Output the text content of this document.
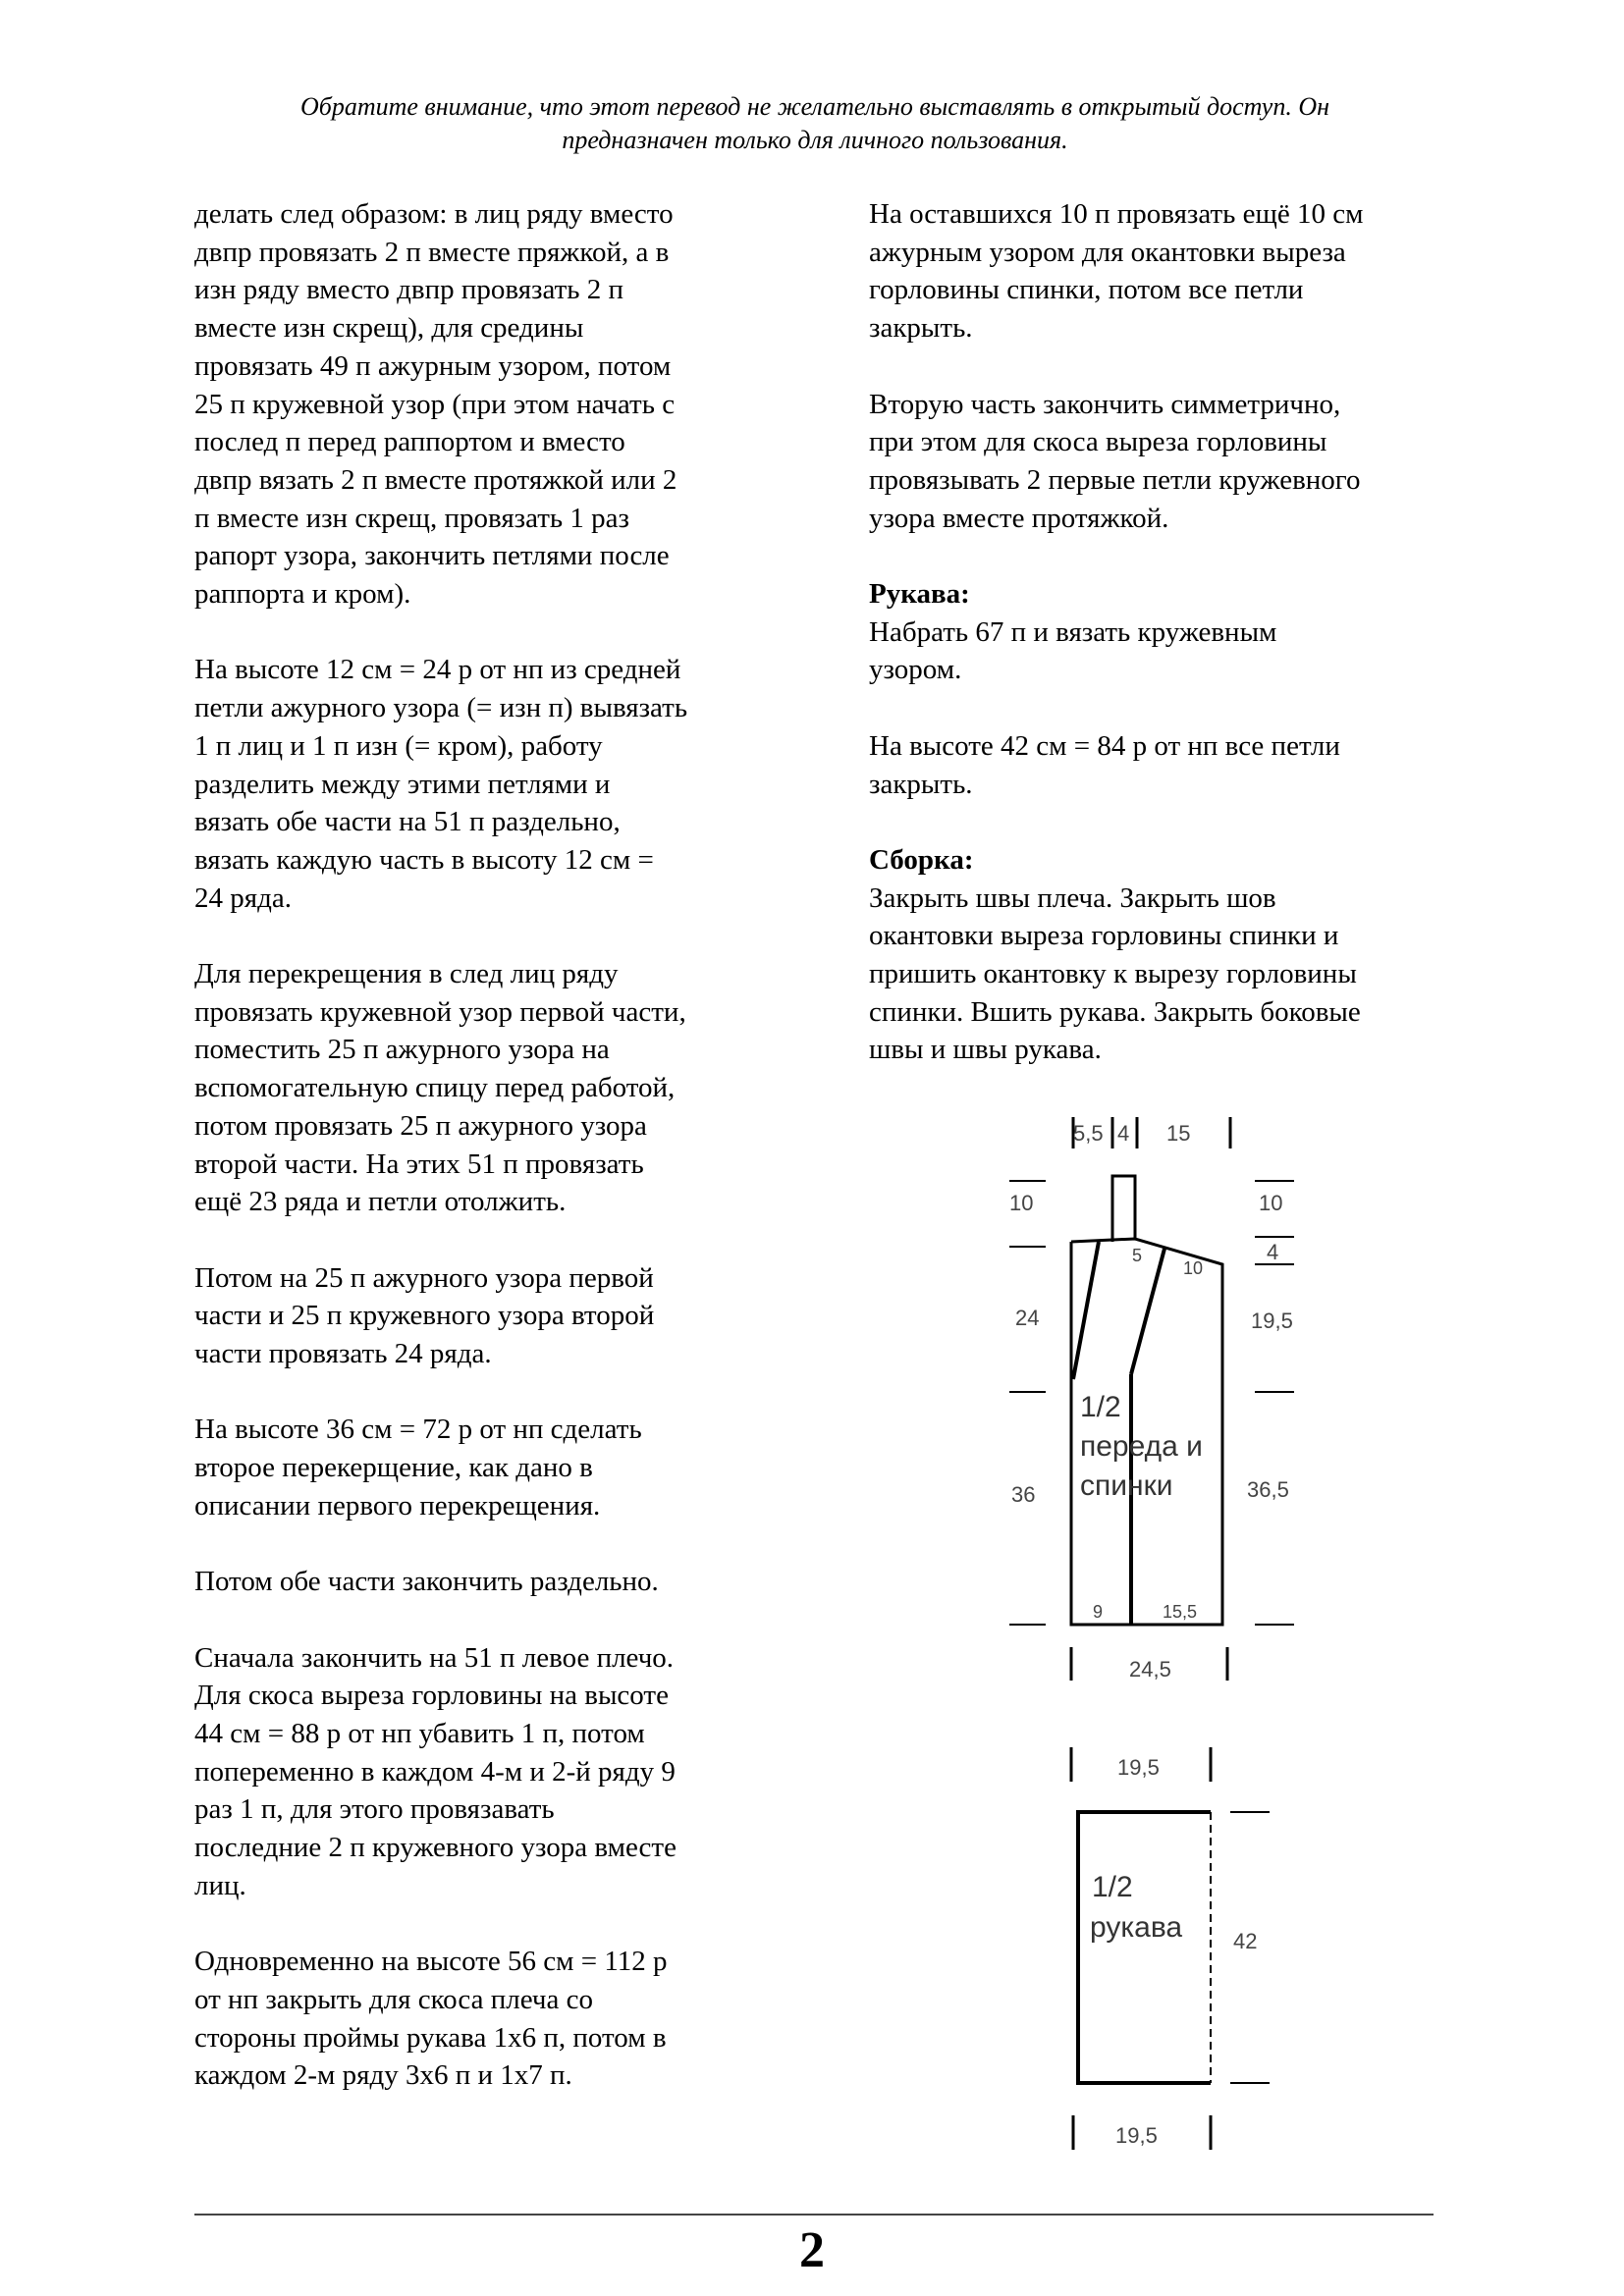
Обратите внимание, что этот перевод не желательно выставлять в открытый доступ. Он
предназначен только для личного пользования.

делать след образом: в лиц ряду вместо
двпр провязать 2 п вместе пряжкой, а в
изн ряду вместо двпр провязать 2 п
вместе изн скрещ), для средины
провязать 49 п ажурным узором, потом
25 п кружевной узор (при этом начать с
послед п перед раппортом и вместо
двпр вязать 2 п вместе протяжкой или 2
п вместе изн скрещ, провязать 1 раз
рапорт узора, закончить петлями после
раппорта и кром).

На высоте 12 см = 24 р от нп из средней
петли ажурного узора (= изн п) вывязать
1 п лиц и 1 п изн (= кром), работу
разделить между этими петлями и
вязать обе части на 51 п раздельно,
вязать каждую часть в высоту 12 см =
24 ряда.

Для перекрещения в след лиц ряду
провязать кружевной узор первой части,
поместить 25 п ажурного узора на
вспомогательную спицу перед работой,
потом провязать 25 п ажурного узора
второй части. На этих 51 п провязать
ещё 23 ряда и петли отолжить.

Потом на 25 п ажурного узора первой
части и 25 п кружевного узора второй
части провязать 24 ряда.

На высоте 36 см = 72 р от нп сделать
второе перекерщение, как дано в
описании первого перекрещения.

Потом обе части закончить раздельно.

Сначала закончить на 51 п левое плечо.
Для скоса выреза горловины на высоте
44 см = 88 р от нп убавить 1 п, потом
попеременно в каждом 4-м и 2-й ряду 9
раз 1 п, для этого провязавать
последние 2 п кружевного узора вместе
лиц.

Одновременно на высоте 56 см = 112 р
от нп закрыть для скоса плеча со
стороны проймы рукава 1х6 п, потом в
каждом 2-м ряду 3х6 п и 1х7 п.

На оставшихся 10 п провязать ещё 10 см
ажурным узором для окантовки выреза
горловины спинки, потом все петли
закрыть.

Вторую часть закончить симметрично,
при этом для скоса выреза горловины
провязывать 2 первые петли кружевного
узора вместе протяжкой.

Рукава:

Набрать 67 п и вязать кружевным
узором.

На высоте 42 см = 84 р от нп все петли
закрыть.

Сборка:

Закрыть швы плеча. Закрыть шов
окантовки выреза горловины спинки и
пришить окантовку к вырезу горловины
спинки. Вшить рукава. Закрыть боковые
швы и швы рукава.

5,5 4 15
10
24
36
10
4
19,5
36,5
5
10
9	15,5
24,5
1/2
переда и
спинки
19,5
42
19,5
1/2
рукава
2
